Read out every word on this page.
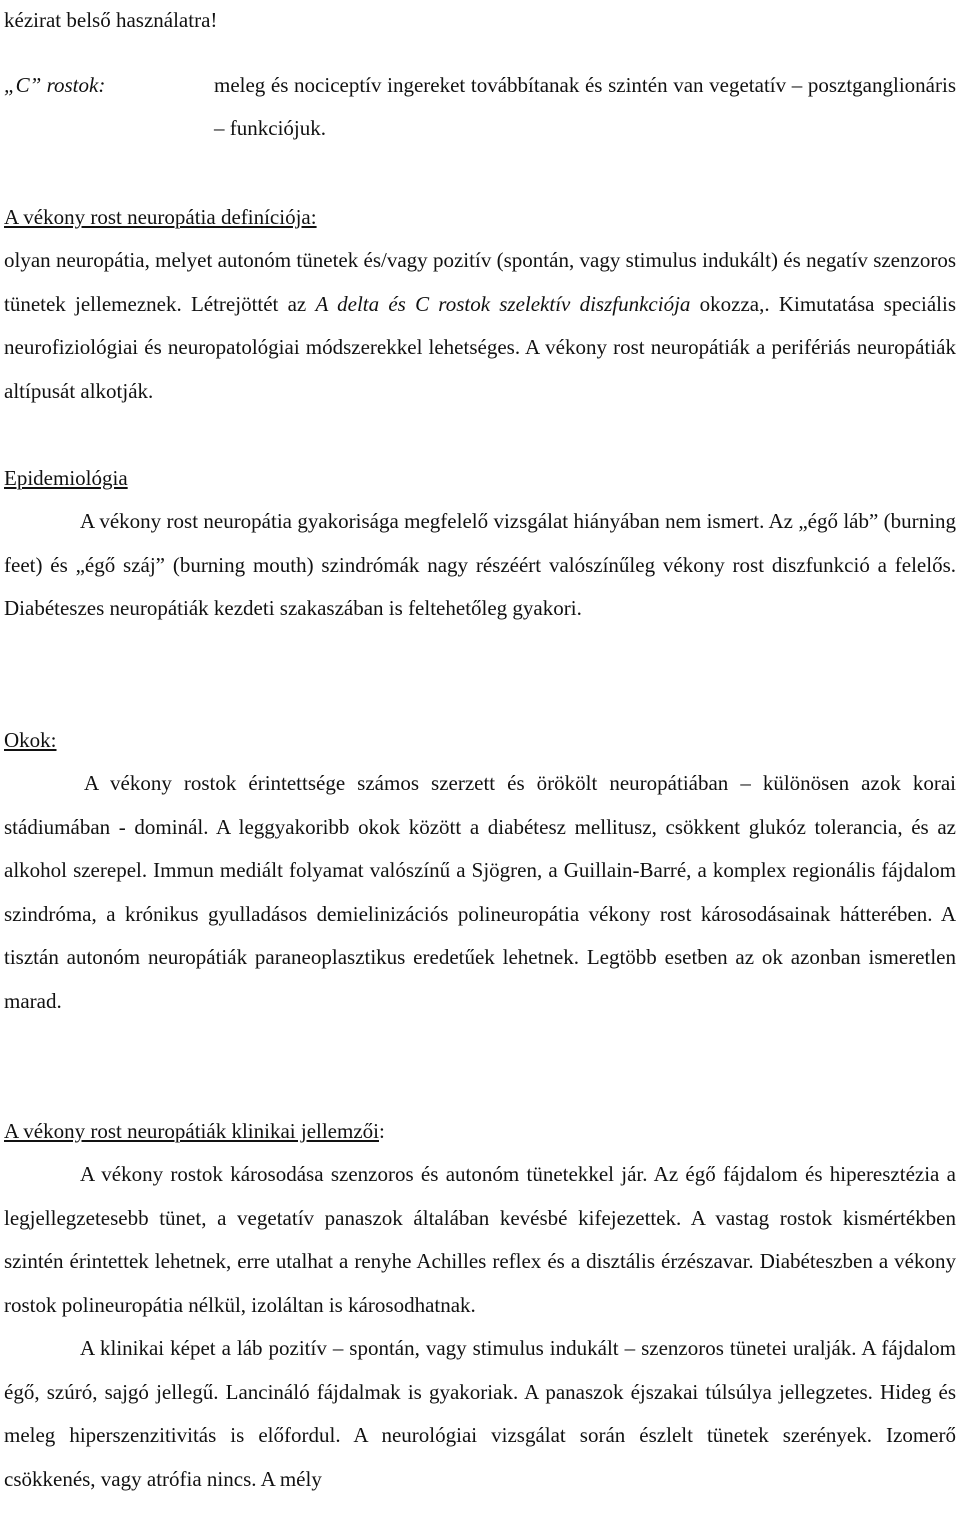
kézirat belső használatra!
„C” rostok:	meleg és nociceptív ingereket továbbítanak és szintén van vegetatív – posztganglionáris – funkciójuk.

A vékony rost neuropátia definíciója:

olyan neuropátia, melyet autonóm tünetek és/vagy pozitív (spontán, vagy stimulus indukált) és negatív szenzoros tünetek jellemeznek. Létrejöttét az A delta és C rostok szelektív diszfunkciója okozza,. Kimutatása speciális neurofiziológiai és neuropatológiai módszerekkel lehetséges. A vékony rost neuropátiák a perifériás neuropátiák altípusát alkotják.

Epidemiológia

A vékony rost neuropátia gyakorisága megfelelő vizsgálat hiányában nem ismert. Az „égő láb” (burning feet) és „égő száj” (burning mouth) szindrómák nagy részéért valószínűleg vékony rost diszfunkció a felelős. Diabéteszes neuropátiák kezdeti szakaszában is feltehetőleg gyakori.

Okok:

A vékony rostok érintettsége számos szerzett és örökölt neuropátiában – különösen azok korai stádiumában - dominál. A leggyakoribb okok között a diabétesz mellitusz, csökkent glukóz tolerancia, és az alkohol szerepel. Immun mediált folyamat valószínű a Sjögren, a Guillain-Barré, a komplex regionális fájdalom szindróma, a krónikus gyulladásos demielinizációs polineuropátia vékony rost károsodásainak hátterében. A tisztán autonóm neuropátiák paraneoplasztikus eredetűek lehetnek. Legtöbb esetben az ok azonban ismeretlen marad.

A vékony rost neuropátiák klinikai jellemzői:

A vékony rostok károsodása szenzoros és autonóm tünetekkel jár. Az égő fájdalom és hiperesztézia a legjellegzetesebb tünet, a vegetatív panaszok általában kevésbé kifejezettek. A vastag rostok kismértékben szintén érintettek lehetnek, erre utalhat a renyhe Achilles reflex és a disztális érzészavar. Diabéteszben a vékony rostok polineuropátia nélkül, izoláltan is károsodhatnak.

A klinikai képet a láb pozitív – spontán, vagy stimulus indukált – szenzoros tünetei uralják. A fájdalom égő, szúró, sajgó jellegű. Lancináló fájdalmak is gyakoriak. A panaszok éjszakai túlsúlya jellegzetes. Hideg és meleg hiperszenzitivitás is előfordul. A neurológiai vizsgálat során észlelt tünetek szerények. Izomerő csökkenés, vagy atrófia nincs. A mély
